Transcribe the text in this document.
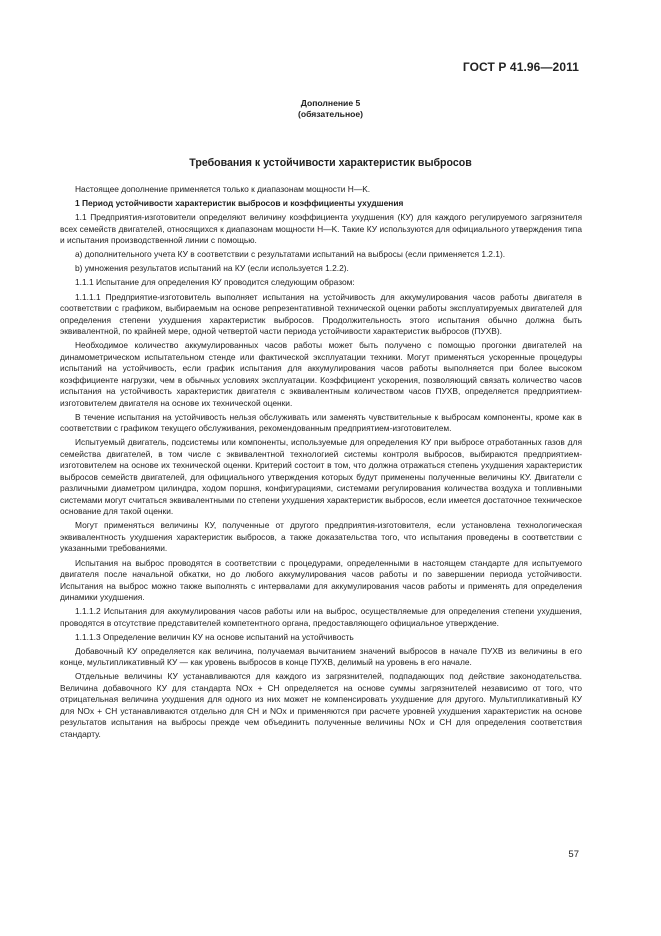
ГОСТ Р 41.96—2011
Дополнение 5
(обязательное)
Требования к устойчивости характеристик выбросов

Настоящее дополнение применяется только к диапазонам мощности H—K.

1 Период устойчивости характеристик выбросов и коэффициенты ухудшения

1.1 Предприятия-изготовители определяют величину коэффициента ухудшения (КУ) для каждого регулируемого загрязнителя всех семейств двигателей, относящихся к диапазонам мощности H—K. Такие КУ используются для официального утверждения типа и испытания производственной линии с помощью.

а) дополнительного учета КУ в соответствии с результатами испытаний на выбросы (если применяется 1.2.1).

b) умножения результатов испытаний на КУ (если используется 1.2.2).

1.1.1 Испытание для определения КУ проводится следующим образом:

1.1.1.1 Предприятие-изготовитель выполняет испытания на устойчивость для аккумулирования часов работы двигателя в соответствии с графиком, выбираемым на основе репрезентативной технической оценки работы эксплуатируемых двигателей для определения степени ухудшения характеристик выбросов. Продолжительность этого испытания обычно должна быть эквивалентной, по крайней мере, одной четвертой части периода устойчивости характеристик выбросов (ПУХВ).

Необходимое количество аккумулированных часов работы может быть получено с помощью прогонки двигателей на динамометрическом испытательном стенде или фактической эксплуатации техники. Могут применяться ускоренные процедуры испытаний на устойчивость, если график испытания для аккумулирования часов работы выполняется при более высоком коэффициенте нагрузки, чем в обычных условиях эксплуатации. Коэффициент ускорения, позволяющий связать количество часов испытания на устойчивость характеристик двигателя с эквивалентным количеством часов ПУХВ, определяется предприятием-изготовителем двигателя на основе их технической оценки.

В течение испытания на устойчивость нельзя обслуживать или заменять чувствительные к выбросам компоненты, кроме как в соответствии с графиком текущего обслуживания, рекомендованным предприятием-изготовителем.

Испытуемый двигатель, подсистемы или компоненты, используемые для определения КУ при выбросе отработанных газов для семейства двигателей, в том числе с эквивалентной технологией системы контроля выбросов, выбираются предприятием-изготовителем на основе их технической оценки. Критерий состоит в том, что должна отражаться степень ухудшения характеристик выбросов семейств двигателей, для официального утверждения которых будут применены полученные величины КУ. Двигатели с различными диаметром цилиндра, ходом поршня, конфигурациями, системами регулирования количества воздуха и топливными системами могут считаться эквивалентными по степени ухудшения характеристик выбросов, если имеется достаточное техническое основание для такой оценки.

Могут применяться величины КУ, полученные от другого предприятия-изготовителя, если установлена технологическая эквивалентность ухудшения характеристик выбросов, а также доказательства того, что испытания проведены в соответствии с указанными требованиями.

Испытания на выброс проводятся в соответствии с процедурами, определенными в настоящем стандарте для испытуемого двигателя после начальной обкатки, но до любого аккумулирования часов работы и по завершении периода устойчивости. Испытания на выброс можно также выполнять с интервалами для аккумулирования часов работы и применять для определения динамики ухудшения.

1.1.1.2 Испытания для аккумулирования часов работы или на выброс, осуществляемые для определения степени ухудшения, проводятся в отсутствие представителей компетентного органа, предоставляющего официальное утверждение.

1.1.1.3 Определение величин КУ на основе испытаний на устойчивость

Добавочный КУ определяется как величина, получаемая вычитанием значений выбросов в начале ПУХВ из величины в его конце, мультипликативный КУ — как уровень выбросов в конце ПУХВ, делимый на уровень в его начале.

Отдельные величины КУ устанавливаются для каждого из загрязнителей, подпадающих под действие законодательства. Величина добавочного КУ для стандарта NOx + CH определяется на основе суммы загрязнителей независимо от того, что отрицательная величина ухудшения для одного из них может не компенсировать ухудшение для другого. Мультипликативный КУ для NOx + CH устанавливаются отдельно для CH и NOx и применяются при расчете уровней ухудшения характеристик на основе результатов испытания на выбросы прежде чем объединить полученные величины NOx и CH для определения соответствия стандарту.

57
